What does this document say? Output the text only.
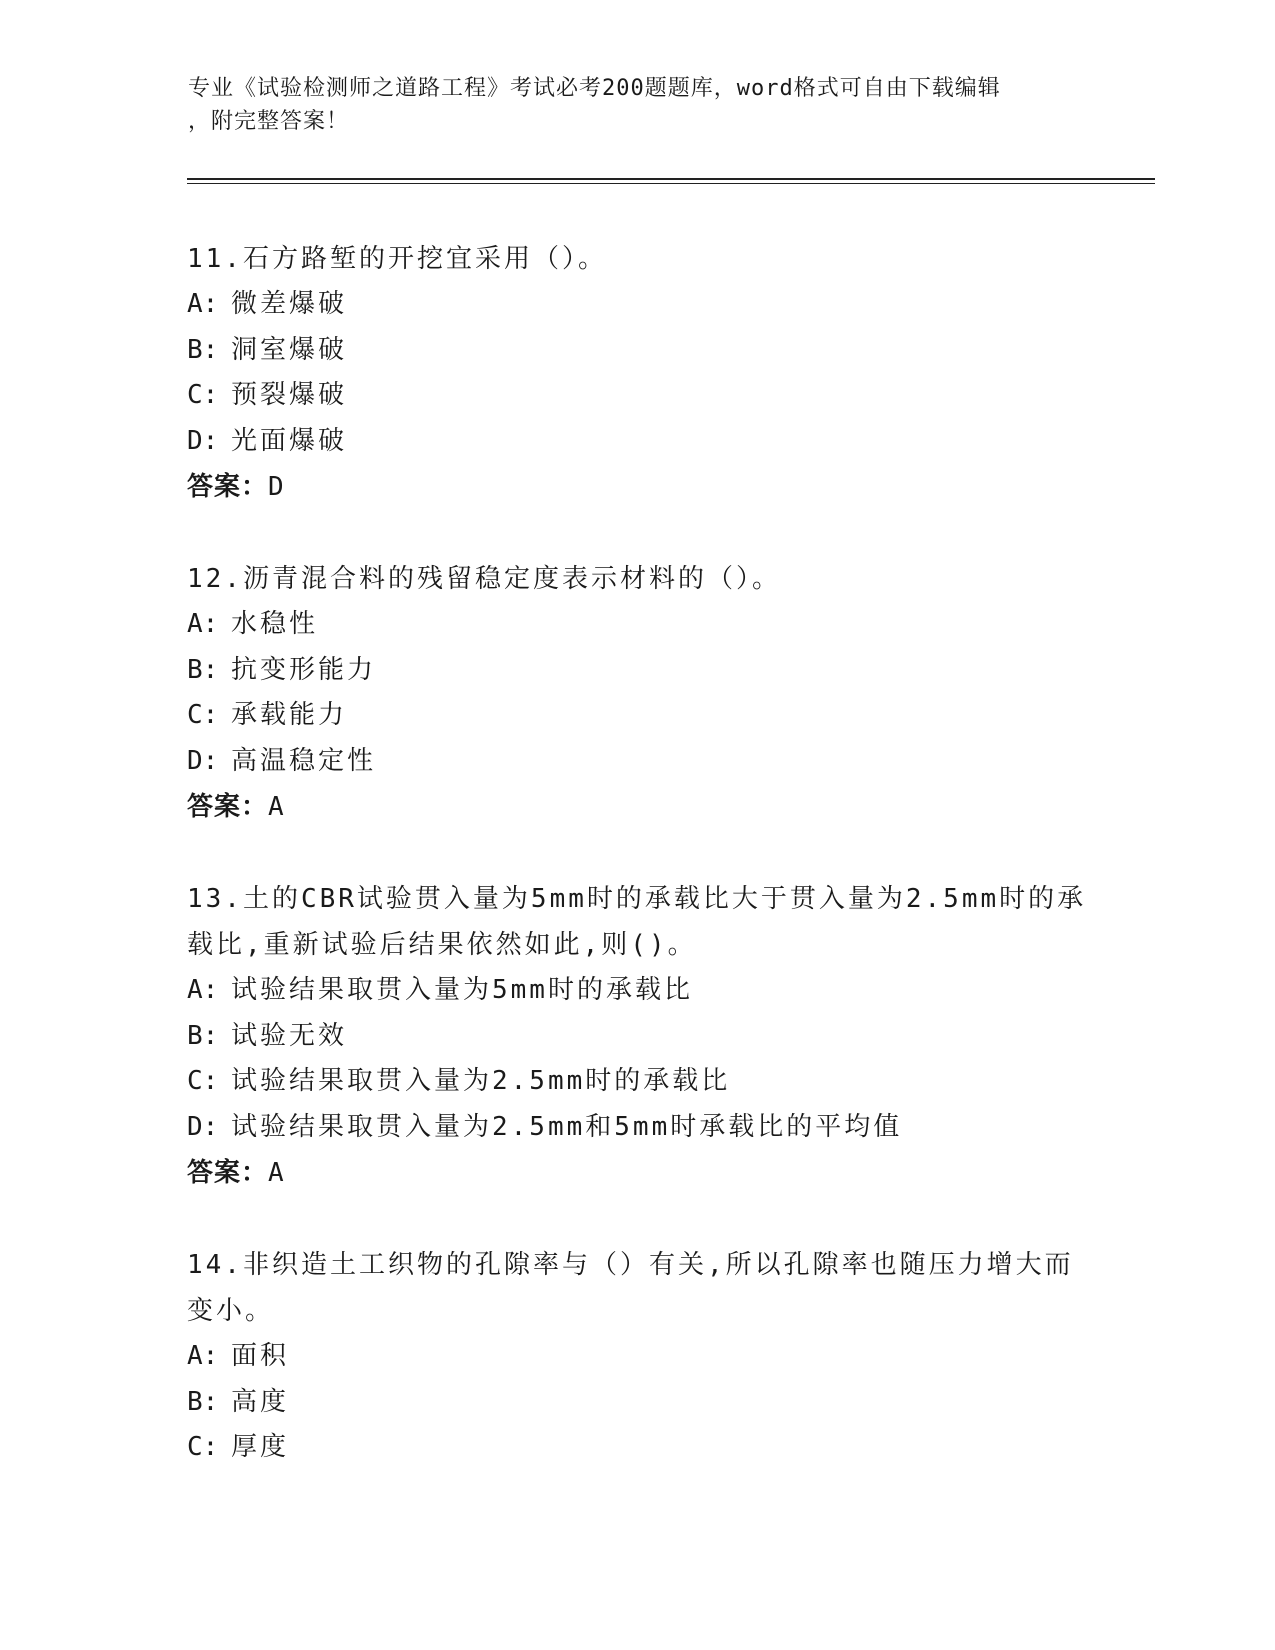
专业《试验检测师之道路工程》考试必考200题题库，word格式可自由下载编辑
，附完整答案！

11.石方路堑的开挖宜采用（）。

A: 微差爆破

B: 洞室爆破

C: 预裂爆破

D: 光面爆破

答案：D

12.沥青混合料的残留稳定度表示材料的（）。

A: 水稳性

B: 抗变形能力

C: 承载能力

D: 高温稳定性

答案：A

13.土的CBR试验贯入量为5mm时的承载比大于贯入量为2.5mm时的承载比,重新试验后结果依然如此,则()。

A: 试验结果取贯入量为5mm时的承载比

B: 试验无效

C: 试验结果取贯入量为2.5mm时的承载比

D: 试验结果取贯入量为2.5mm和5mm时承载比的平均值

答案：A

14.非织造土工织物的孔隙率与（）有关,所以孔隙率也随压力增大而变小。

A: 面积

B: 高度

C: 厚度
